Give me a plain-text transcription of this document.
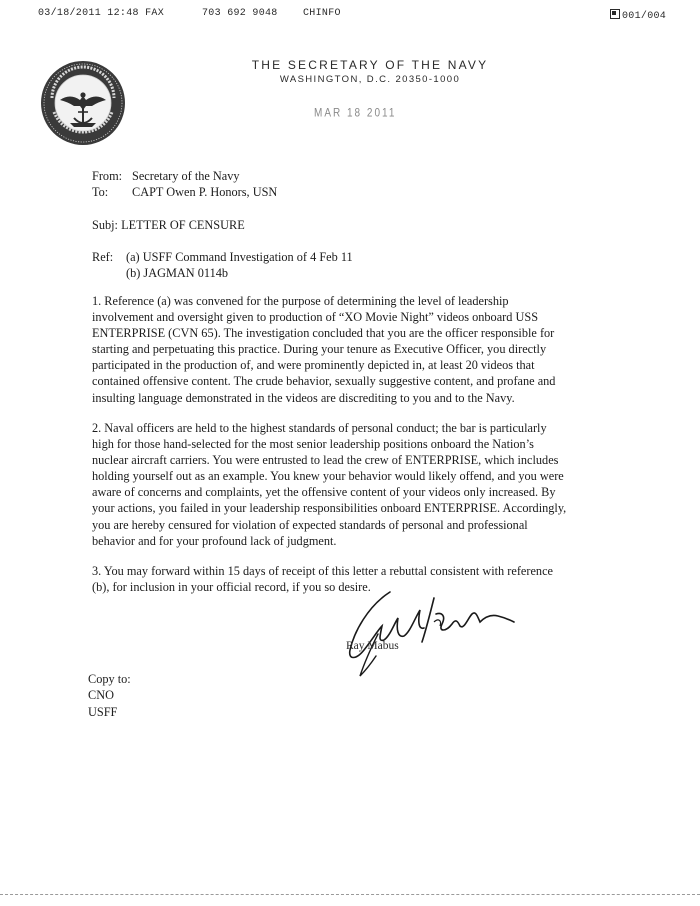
03/18/2011 12:48 FAX	703 692 9048	CHINFO	001/004
THE SECRETARY OF THE NAVY
WASHINGTON, D.C. 20350-1000
MAR 18 2011
From: Secretary of the Navy
To: CAPT Owen P. Honors, USN
Subj: LETTER OF CENSURE
Ref: (a) USFF Command Investigation of 4 Feb 11
(b) JAGMAN 0114b
1. Reference (a) was convened for the purpose of determining the level of leadership
involvement and oversight given to production of “XO Movie Night” videos onboard USS
ENTERPRISE (CVN 65). The investigation concluded that you are the officer responsible for
starting and perpetuating this practice. During your tenure as Executive Officer, you directly
participated in the production of, and were prominently depicted in, at least 20 videos that
contained offensive content. The crude behavior, sexually suggestive content, and profane and
insulting language demonstrated in the videos are discrediting to you and to the Navy.
2. Naval officers are held to the highest standards of personal conduct; the bar is particularly
high for those hand-selected for the most senior leadership positions onboard the Nation’s
nuclear aircraft carriers. You were entrusted to lead the crew of ENTERPRISE, which includes
holding yourself out as an example. You knew your behavior would likely offend, and you were
aware of concerns and complaints, yet the offensive content of your videos only increased. By
your actions, you failed in your leadership responsibilities onboard ENTERPRISE. Accordingly,
you are hereby censured for violation of expected standards of personal and professional
behavior and for your profound lack of judgment.
3. You may forward within 15 days of receipt of this letter a rebuttal consistent with reference
(b), for inclusion in your official record, if you so desire.
Ray Mabus
Copy to:
CNO
USFF
